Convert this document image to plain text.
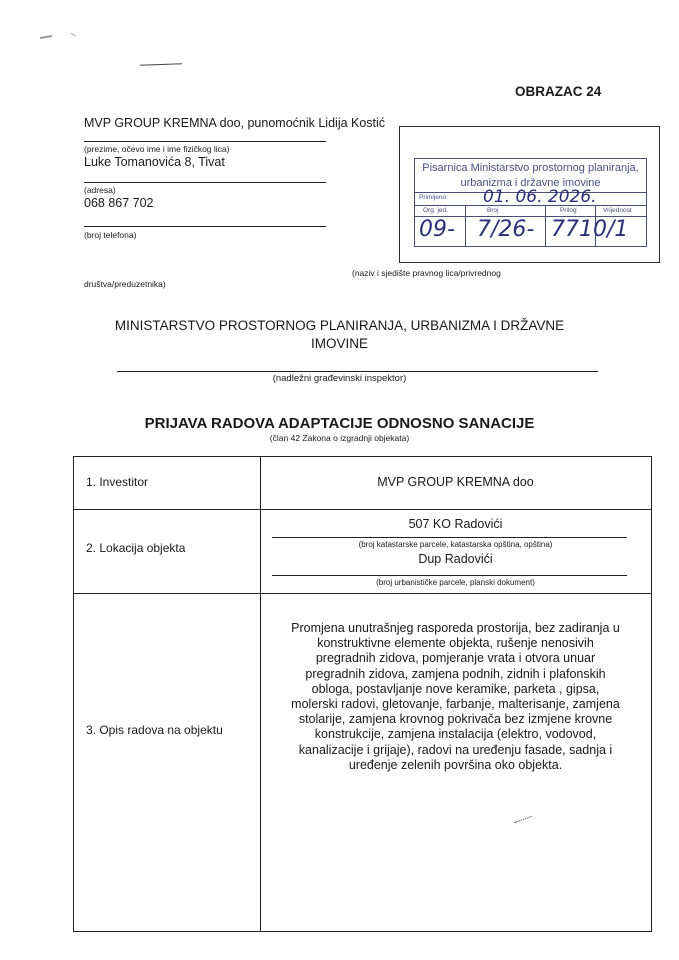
OBRAZAC 24
MVP GROUP KREMNA doo, punomoćnik Lidija Kostić
(prezime, očevo ime i ime fizičkog lica)
Luke Tomanovića 8, Tivat
(adresa)
068 867 702
(broj telefona)
(naziv i sjedište pravnog lica/privrednog
društva/preduzetnika)
Pisarnica Ministarstvo prostornog planiranja,
urbanizma i državne imovine
Primljeno: 01. 06. 2026.
Org. jed.	Broj	Prilog	Vrijednost
09- 7/26- 7710/1
MINISTARSTVO PROSTORNOG PLANIRANJA, URBANIZMA I DRŽAVNE
IMOVINE
(nadležni građevinski inspektor)
PRIJAVA RADOVA ADAPTACIJE ODNOSNO SANACIJE
(član 42 Zakona o izgradnji objekata)
1. Investitor	MVP GROUP KREMNA doo
2. Lokacija objekta
507 KO Radovići
(broj katastarske parcele, katastarska opština, opština)
Dup Radovići
(broj urbanističke parcele, planski dokument)
3. Opis radova na objektu
Promjena unutrašnjeg rasporeda prostorija, bez zadiranja u
konstruktivne elemente objekta, rušenje nenosivih
pregradnih zidova, pomjeranje vrata i otvora unuar
pregradnih zidova, zamjena podnih, zidnih i plafonskih
obloga, postavljanje nove keramike, parketa , gipsa,
molerski radovi, gletovanje, farbanje, malterisanje, zamjena
stolarije, zamjena krovnog pokrivača bez izmjene krovne
konstrukcije, zamjena instalacija (elektro, vodovod,
kanalizacije i grijaje), radovi na uređenju fasade, sadnja i
uređenje zelenih površina oko objekta.
